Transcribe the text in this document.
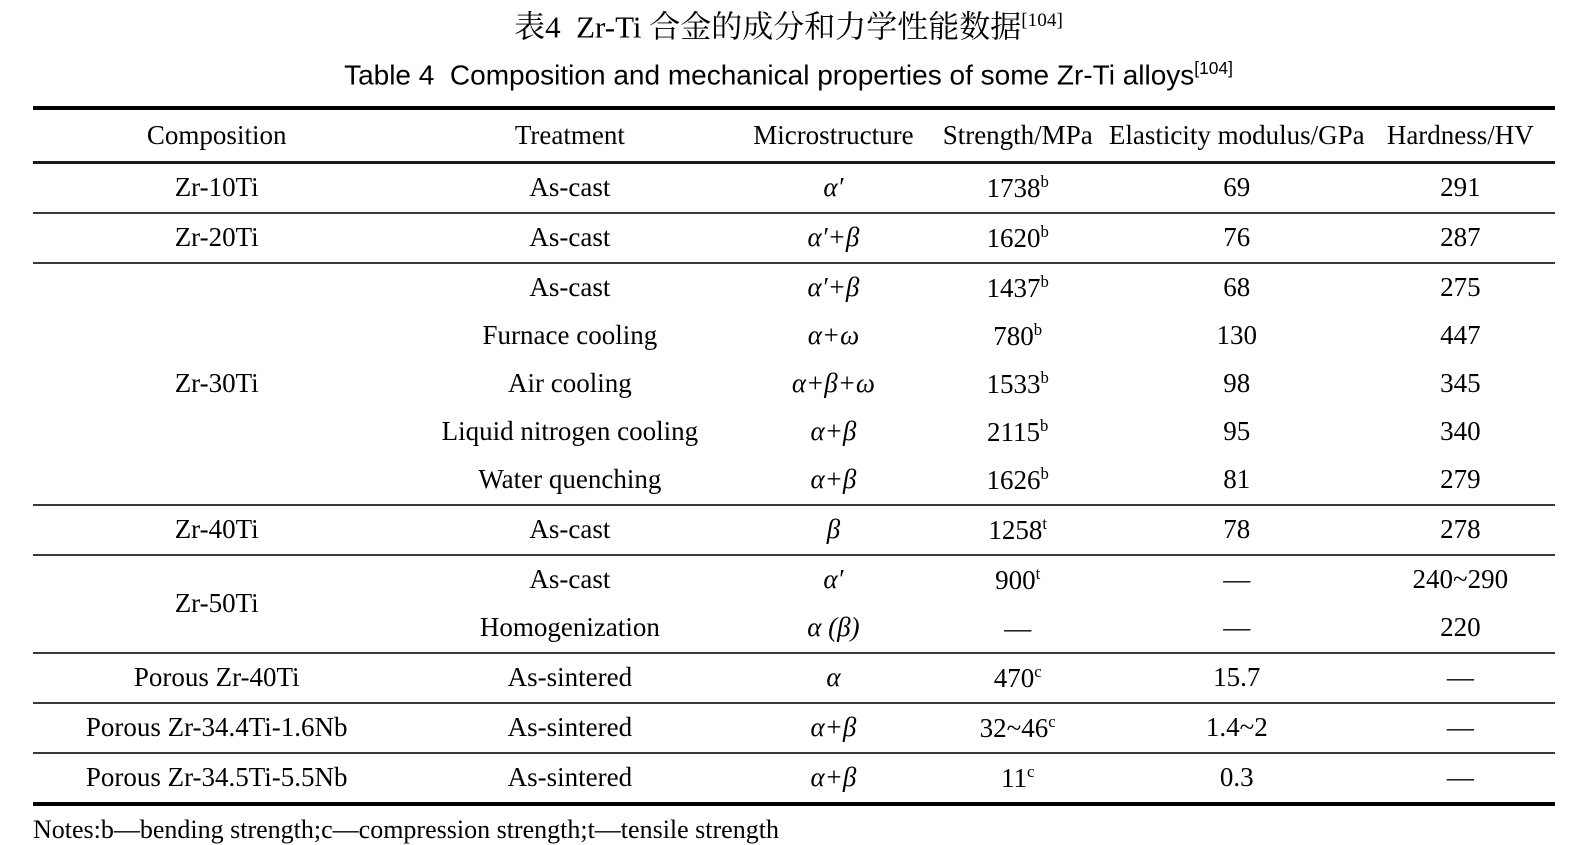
表4  Zr-Ti 合金的成分和力学性能数据[104]
Table 4  Composition and mechanical properties of some Zr-Ti alloys[104]
Composition	Treatment	Microstructure	Strength/MPa	Elasticity modulus/GPa	Hardness/HV
Zr-10Ti	As-cast	α′	1738$^b$	69	291
Zr-20Ti	As-cast	α′+β	1620$^b$	76	287
Zr-30Ti	As-cast	α′+β	1437$^b$	68	275
	Furnace cooling	α+ω	780$^b$	130	447
	Air cooling	α+β+ω	1533$^b$	98	345
	Liquid nitrogen cooling	α+β	2115$^b$	95	340
	Water quenching	α+β	1626$^b$	81	279
Zr-40Ti	As-cast	β	1258$^t$	78	278
Zr-50Ti	As-cast	α′	900$^t$	—	240~290
	Homogenization	α (β)	—	—	220
Porous Zr-40Ti	As-sintered	α	470$^c$	15.7	—
Porous Zr-34.4Ti-1.6Nb	As-sintered	α+β	32~46$^c$	1.4~2	—
Porous Zr-34.5Ti-5.5Nb	As-sintered	α+β	11$^c$	0.3	—
Notes:b—bending strength;c—compression strength;t—tensile strength
